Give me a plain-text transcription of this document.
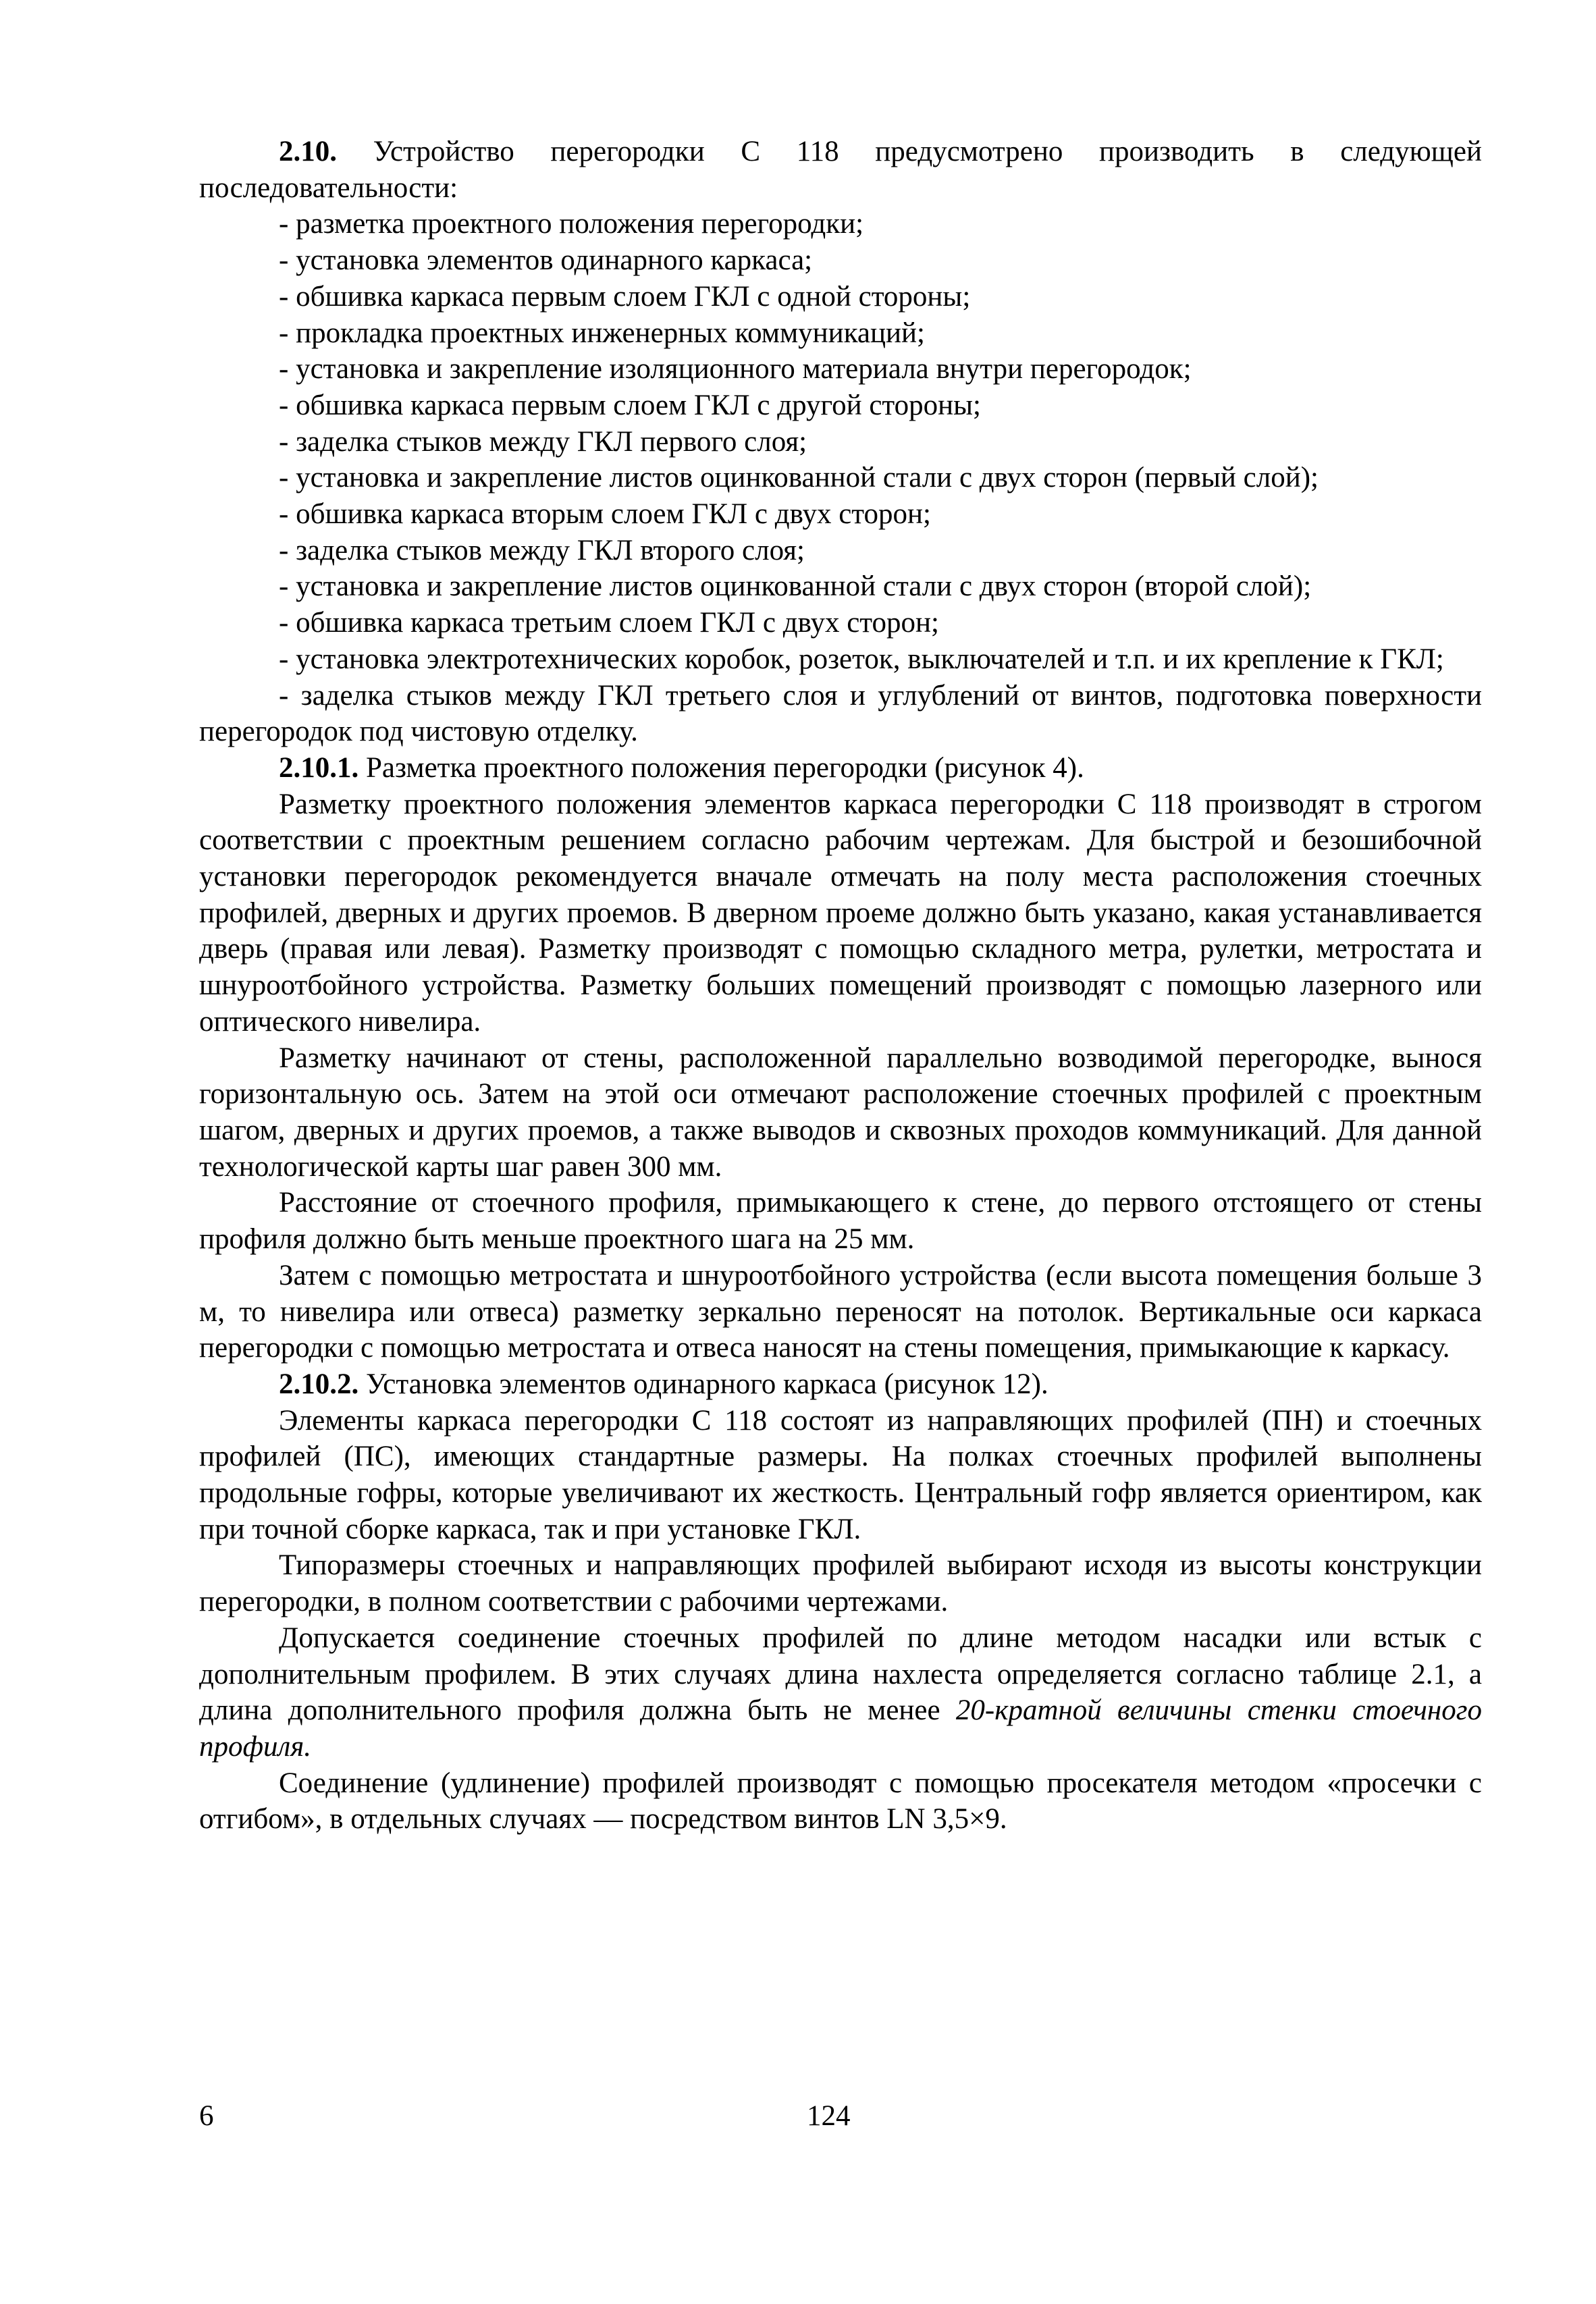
2.10. Устройство перегородки С 118 предусмотрено производить в следующей последовательности:

- разметка проектного положения перегородки;

- установка элементов одинарного каркаса;

- обшивка каркаса первым слоем ГКЛ с одной стороны;

- прокладка проектных инженерных коммуникаций;

- установка и закрепление изоляционного материала внутри перегородок;

- обшивка каркаса первым слоем ГКЛ с другой стороны;

- заделка стыков между ГКЛ первого слоя;

- установка и закрепление листов оцинкованной стали с двух сторон (первый слой);

- обшивка каркаса вторым слоем ГКЛ с двух сторон;

- заделка стыков между ГКЛ второго слоя;

- установка и закрепление листов оцинкованной стали с двух сторон (второй слой);

- обшивка каркаса третьим слоем ГКЛ с двух сторон;

- установка электротехнических коробок, розеток, выключателей и т.п. и их крепление к ГКЛ;

- заделка стыков между ГКЛ третьего слоя и углублений от винтов, подготовка поверхности перегородок под чистовую отделку.

2.10.1. Разметка проектного положения перегородки (рисунок 4).

Разметку проектного положения элементов каркаса перегородки С 118 производят в строгом соответствии с проектным решением согласно рабочим чертежам. Для быстрой и безошибочной установки перегородок рекомендуется вначале отмечать на полу места расположения стоечных профилей, дверных и других проемов. В дверном проеме должно быть указано, какая устанавливается дверь (правая или левая). Разметку производят с помощью складного метра, рулетки, метростата и шнуроотбойного устройства. Разметку больших помещений производят с помощью лазерного или оптического нивелира.

Разметку начинают от стены, расположенной параллельно возводимой перегородке, вынося горизонтальную ось. Затем на этой оси отмечают расположение стоечных профилей с проектным шагом, дверных и других проемов, а также выводов и сквозных проходов коммуникаций. Для данной технологической карты шаг равен 300 мм.

Расстояние от стоечного профиля, примыкающего к стене, до первого отстоящего от стены профиля должно быть меньше проектного шага на 25 мм.

Затем с помощью метростата и шнуроотбойного устройства (если высота помещения больше 3 м, то нивелира или отвеса) разметку зеркально переносят на потолок. Вертикальные оси каркаса перегородки с помощью метростата и отвеса наносят на стены помещения, примыкающие к каркасу.

2.10.2. Установка элементов одинарного каркаса (рисунок 12).

Элементы каркаса перегородки С 118 состоят из направляющих профилей (ПН) и стоечных профилей (ПС), имеющих стандартные размеры. На полках стоечных профилей выполнены продольные гофры, которые увеличивают их жесткость. Центральный гофр является ориентиром, как при точной сборке каркаса, так и при установке ГКЛ.

Типоразмеры стоечных и направляющих профилей выбирают исходя из высоты конструкции перегородки, в полном соответствии с рабочими чертежами.

Допускается соединение стоечных профилей по длине методом насадки или встык с дополнительным профилем. В этих случаях длина нахлеста определяется согласно таблице 2.1, а длина дополнительного профиля должна быть не менее 20-кратной величины стенки стоечного профиля.

Соединение (удлинение) профилей производят с помощью просекателя методом «просечки с отгибом», в отдельных случаях — посредством винтов LN 3,5×9.

6	124
